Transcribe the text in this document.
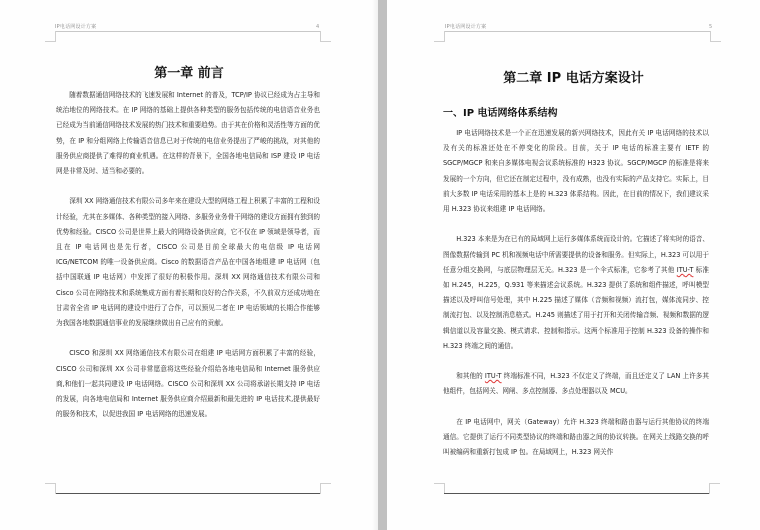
IP电话网设计方案	4
第一章 前言

随着数据通信网络技术的飞速发展和 Internet 的普及，TCP/IP 协议已经成为占主导和统治地位的网络技术。在 IP 网络的基础上提供各种类型的服务包括传统的电信语音业务也已经成为当前通信网络技术发展的热门技术和重要趋势。由于其在价格和灵活性等方面的优势，在 IP 和分组网络上传输语音信息已对于传统的电信业务提出了严峻的挑战，对其他的服务供应商提供了难得的商业机遇。在这样的背景下，全国各地电信局和 ISP 建设 IP 电话网是非常及时、适当和必要的。

深圳 XX 网络通信技术有限公司多年来在建设大型的网络工程上积累了丰富的工程和设计经验，尤其在多媒体、各种类型的接入网络、多服务业务骨干网络的建设方面拥有独到的优势和经验。CISCO 公司是世界上最大的网络设备供应商，它不仅在 IP 领域是领导者，而且在 IP 电话网也是先行者，CISCO 公司是目前全球最大的电信级 IP 电话网 ICG/NETCOM 的唯一设备供应商。Cisco 的数据语音产品在中国各地组建 IP 电话网（包括中国联通 IP 电话网）中发挥了很好的积极作用。深圳 XX 网络通信技术有限公司和 Cisco 公司在网络技术和系统集成方面有着长期和良好的合作关系，不久前双方还成功地在甘肃省全省 IP 电话网的建设中进行了合作，可以预见二者在 IP 电话领域的长期合作能够为我国各地数据通信事业的发展继续做出自己应有的贡献。

CISCO 和深圳 XX 网络通信技术有限公司在组建 IP 电话网方面积累了丰富的经验，CISCO 公司和深圳 XX 公司非常愿意将这些经验介绍给各地电信局和 Internet 服务供应商,和他们一起共同建设 IP 电话网络。CISCO 公司和深圳 XX 公司将承诺长期支持 IP 电话的发展，向各地电信局和 Internet 服务供应商介绍最新和最先进的 IP 电话技术,提供最好的服务和技术，以促进我国 IP 电话网络的迅速发展。

IP电话网设计方案	5
第二章 IP 电话方案设计
一、IP 电话网络体系结构

IP 电话网络技术是一个正在迅速发展的新兴网络技术，因此有关 IP 电话网络的技术以及有关的标准还处在不停变化的阶段。目前，关于 IP 电话的标准主要有 IETF 的 SGCP/MGCP 和来自多媒体电视会议系统标准的 H323 协议。SGCP/MGCP 的标准是将来发展的一个方向，但它还在制定过程中，没有成熟，也没有实际的产品支持它。实际上，目前大多数 IP 电话采用的基本上是的 H.323 体系结构。因此，在目前的情况下，我们建议采用 H.323 协议来组建 IP 电话网络。

H.323 本来是为在已有的局域网上运行多媒体系统而设计的。它描述了将实时的语音、图像数据传输到 PC 机和视频电话中所需要提供的设备和服务。但实际上，H.323 可以用于任意分组交换网，与底层物理层无关。H.323 是一个伞式标准，它参考了其他 ITU-T 标准如 H.245，H.225，Q.931 等来描述会议系统。H.323 提供了系统和组件描述，呼叫模型描述以及呼叫信号处理，其中 H.225 描述了媒体（音频和视频）流打包，媒体流同步、控制流打包、以及控制消息格式。H.245 则描述了用于打开和关闭传输音频、视频和数据的逻辑信道以及容量交换、模式请求、控制和指示。这两个标准用于控制 H.323 设备的操作和 H.323 终端之间的通信。

和其他的 ITU-T 终端标准不同，H.323 不仅定义了终端，而且还定义了 LAN 上许多其他组件，包括网关、网闸、多点控制器、多点处理器以及 MCU。

在 IP 电话网中，网关（Gateway）允许 H.323 终端和路由器与运行其他协议的终端通信。它提供了运行不同类型协议的终端和路由器之间的协议转换。在网关上线路交换的呼叫被编码和重新打包成 IP 包。在局域网上，H.323 网关作
